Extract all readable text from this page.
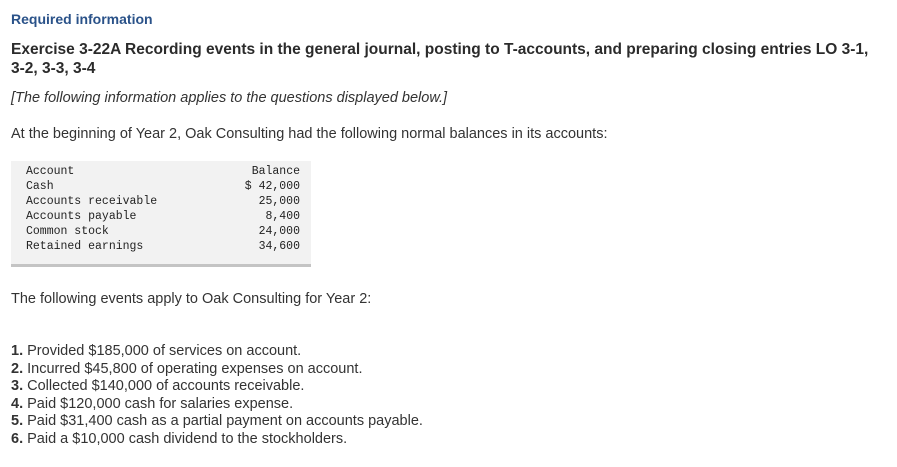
Required information
Exercise 3-22A Recording events in the general journal, posting to T-accounts, and preparing closing entries LO 3-1, 3-2, 3-3, 3-4
[The following information applies to the questions displayed below.]
At the beginning of Year 2, Oak Consulting had the following normal balances in its accounts:
Account	Balance
Cash	$ 42,000
Accounts receivable	25,000
Accounts payable	8,400
Common stock	24,000
Retained earnings	34,600
The following events apply to Oak Consulting for Year 2:
1. Provided $185,000 of services on account.
2. Incurred $45,800 of operating expenses on account.
3. Collected $140,000 of accounts receivable.
4. Paid $120,000 cash for salaries expense.
5. Paid $31,400 cash as a partial payment on accounts payable.
6. Paid a $10,000 cash dividend to the stockholders.
